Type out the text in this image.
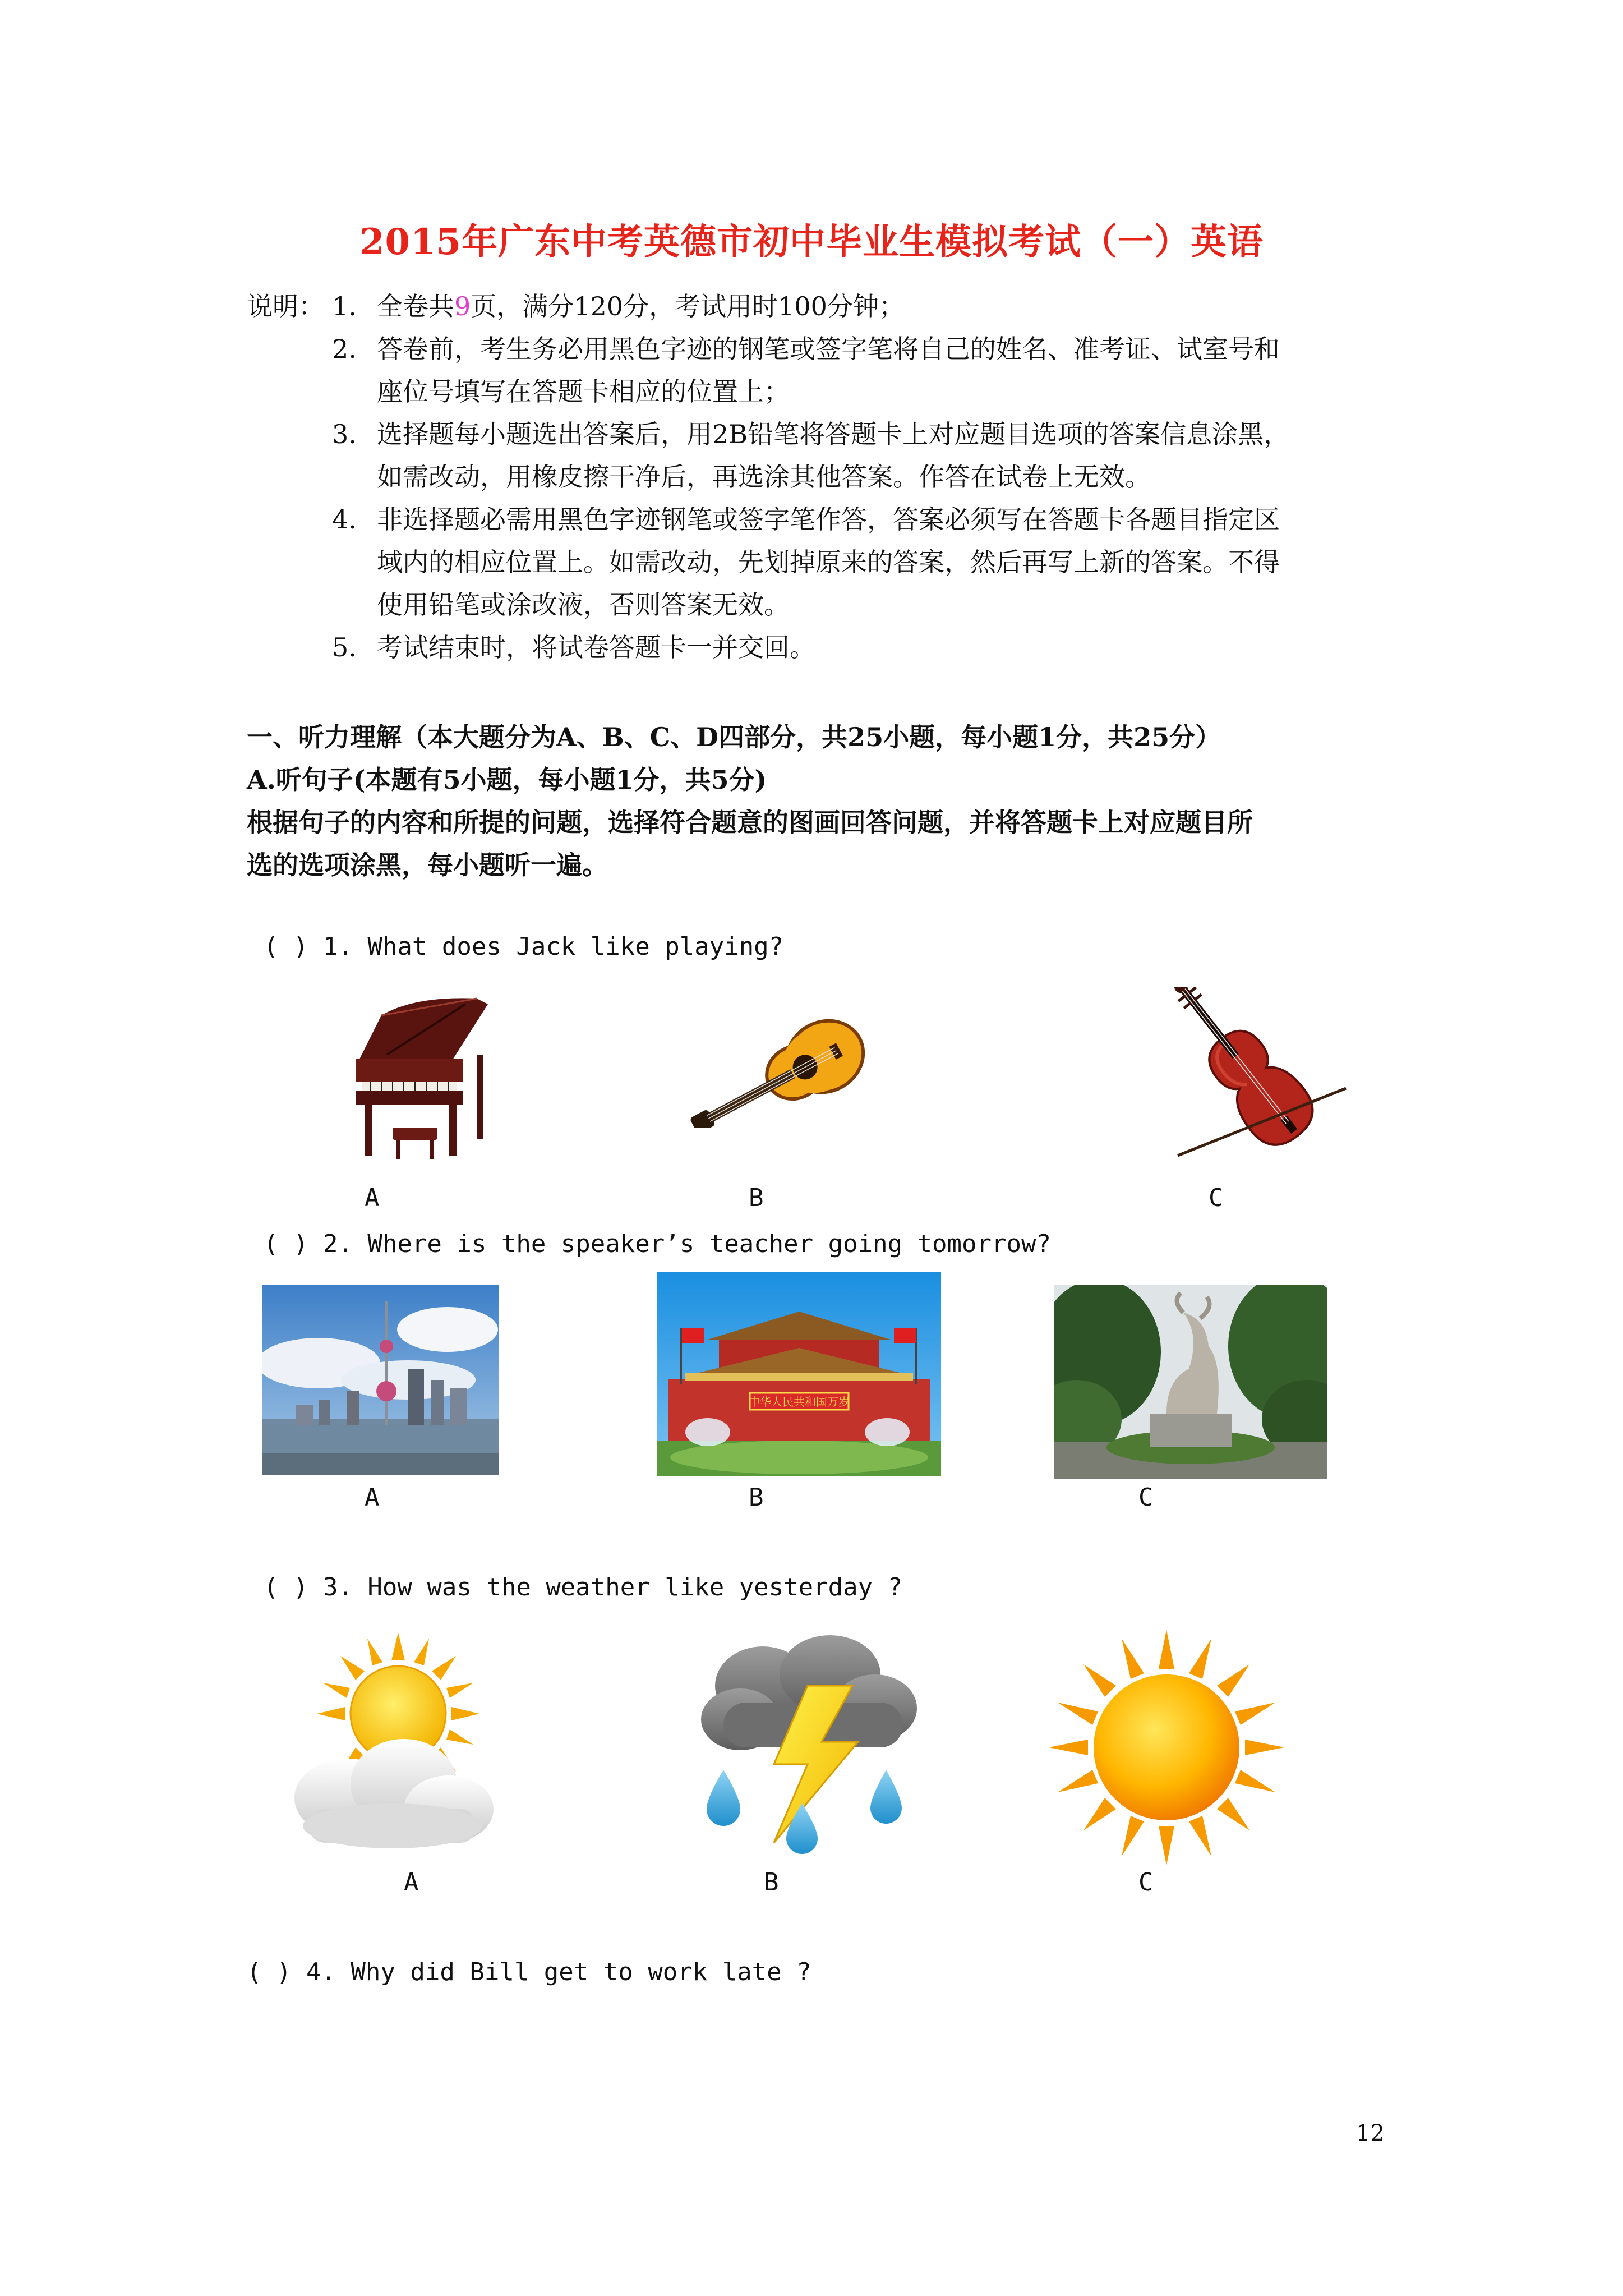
2015年广东中考英德市初中毕业生模拟考试（一）英语
说明： 1. 全卷共9页，满分120分，考试用时100分钟；
2. 答卷前，考生务必用黑色字迹的钢笔或签字笔将自己的姓名、准考证、试室号和
座位号填写在答题卡相应的位置上；
3. 选择题每小题选出答案后，用2B铅笔将答题卡上对应题目选项的答案信息涂黑，
如需改动，用橡皮擦干净后，再选涂其他答案。作答在试卷上无效。
4. 非选择题必需用黑色字迹钢笔或签字笔作答，答案必须写在答题卡各题目指定区
域内的相应位置上。如需改动，先划掉原来的答案，然后再写上新的答案。不得
使用铅笔或涂改液，否则答案无效。
5. 考试结束时，将试卷答题卡一并交回。
一、听力理解（本大题分为A、B、C、D四部分，共25小题，每小题1分，共25分）
A.听句子(本题有5小题，每小题1分，共5分)
根据句子的内容和所提的问题，选择符合题意的图画回答问题，并将答题卡上对应题目所
选的选项涂黑，每小题听一遍。
( ) 1. What does Jack like playing?
A	B	C
( ) 2. Where is the speaker’s teacher going tomorrow?
中华人民共和国万岁
A	B	C
( ) 3. How was the weather like yesterday ?
A	B	C
( ) 4. Why did Bill get to work late ?
12
